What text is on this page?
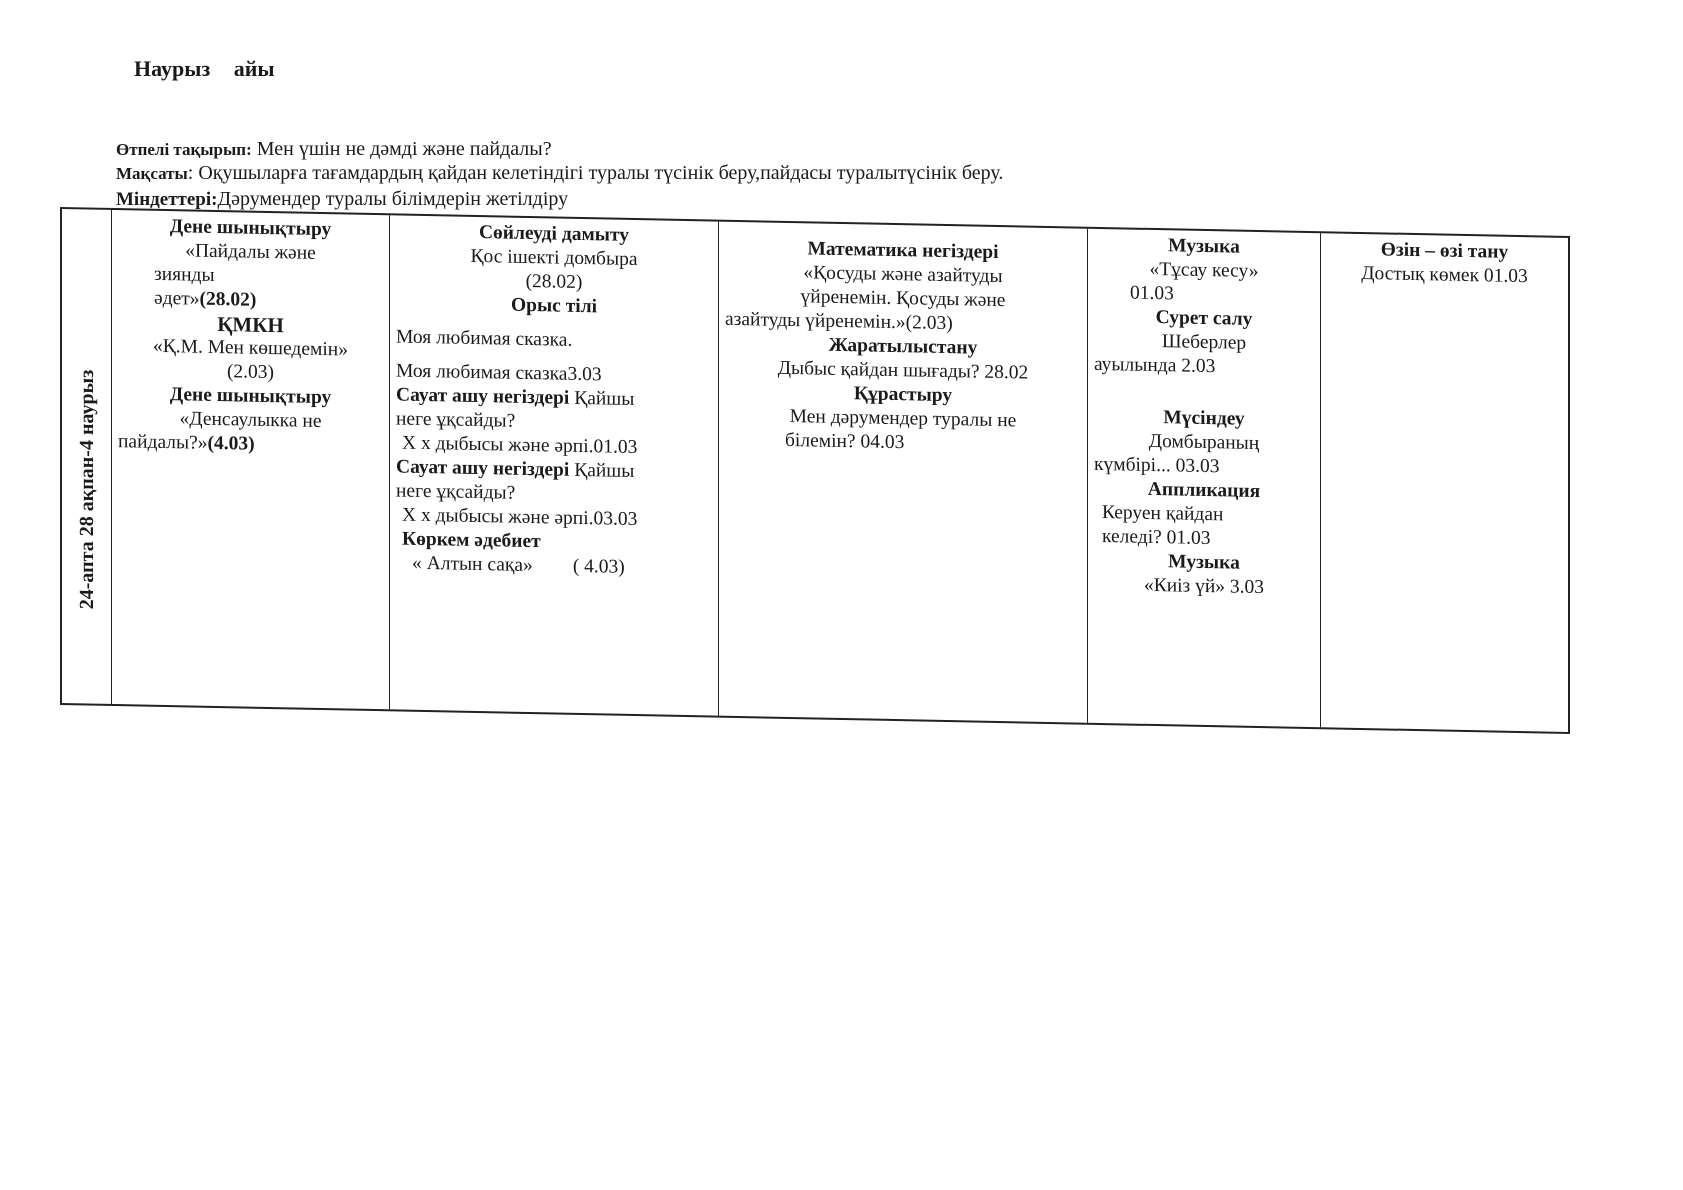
Наурыз айы
Өтпелі тақырып: Мен үшін не дәмді және пайдалы?
Мақсаты: Оқушыларға тағамдардың қайдан келетіндігі туралы түсінік беру,пайдасы туралытүсінік беру.
Міндеттері:Дәрумендер туралы білімдерін жетілдіру
24-апта 28 ақпан-4 наурыз
Дене шынықтыру
«Пайдалы және
зиянды
әдет»(28.02)
ҚМКН
«Қ.М. Мен көшедемін»
(2.03)
Дене шынықтыру
«Денсаулыкка не
пайдалы?»(4.03)
Сөйлеуді дамыту
Қос ішекті домбыра
(28.02)
Орыс тілі
Моя любимая сказка.
Моя любимая сказка3.03
Сауат ашу негіздері Қайшы
неге ұқсайды?
Х х дыбысы және әрпі.01.03
Сауат ашу негіздері Қайшы
неге ұқсайды?
Х х дыбысы және әрпі.03.03
Көркем әдебиет
« Алтын сақа» ( 4.03)
Математика негіздері
«Қосуды және азайтуды
үйренемін. Қосуды және
азайтуды үйренемін.»(2.03)
Жаратылыстану
Дыбыс қайдан шығады? 28.02
Құрастыру
Мен дәрумендер туралы не
білемін? 04.03
Музыка
«Тұсау кесу»
01.03
Сурет салу
Шеберлер
ауылында 2.03
Мүсіндеу
Домбыраның
күмбірі... 03.03
Аппликация
Керуен қайдан
келеді? 01.03
Музыка
«Киіз үй» 3.03
Өзін – өзі тану
Достық көмек 01.03
